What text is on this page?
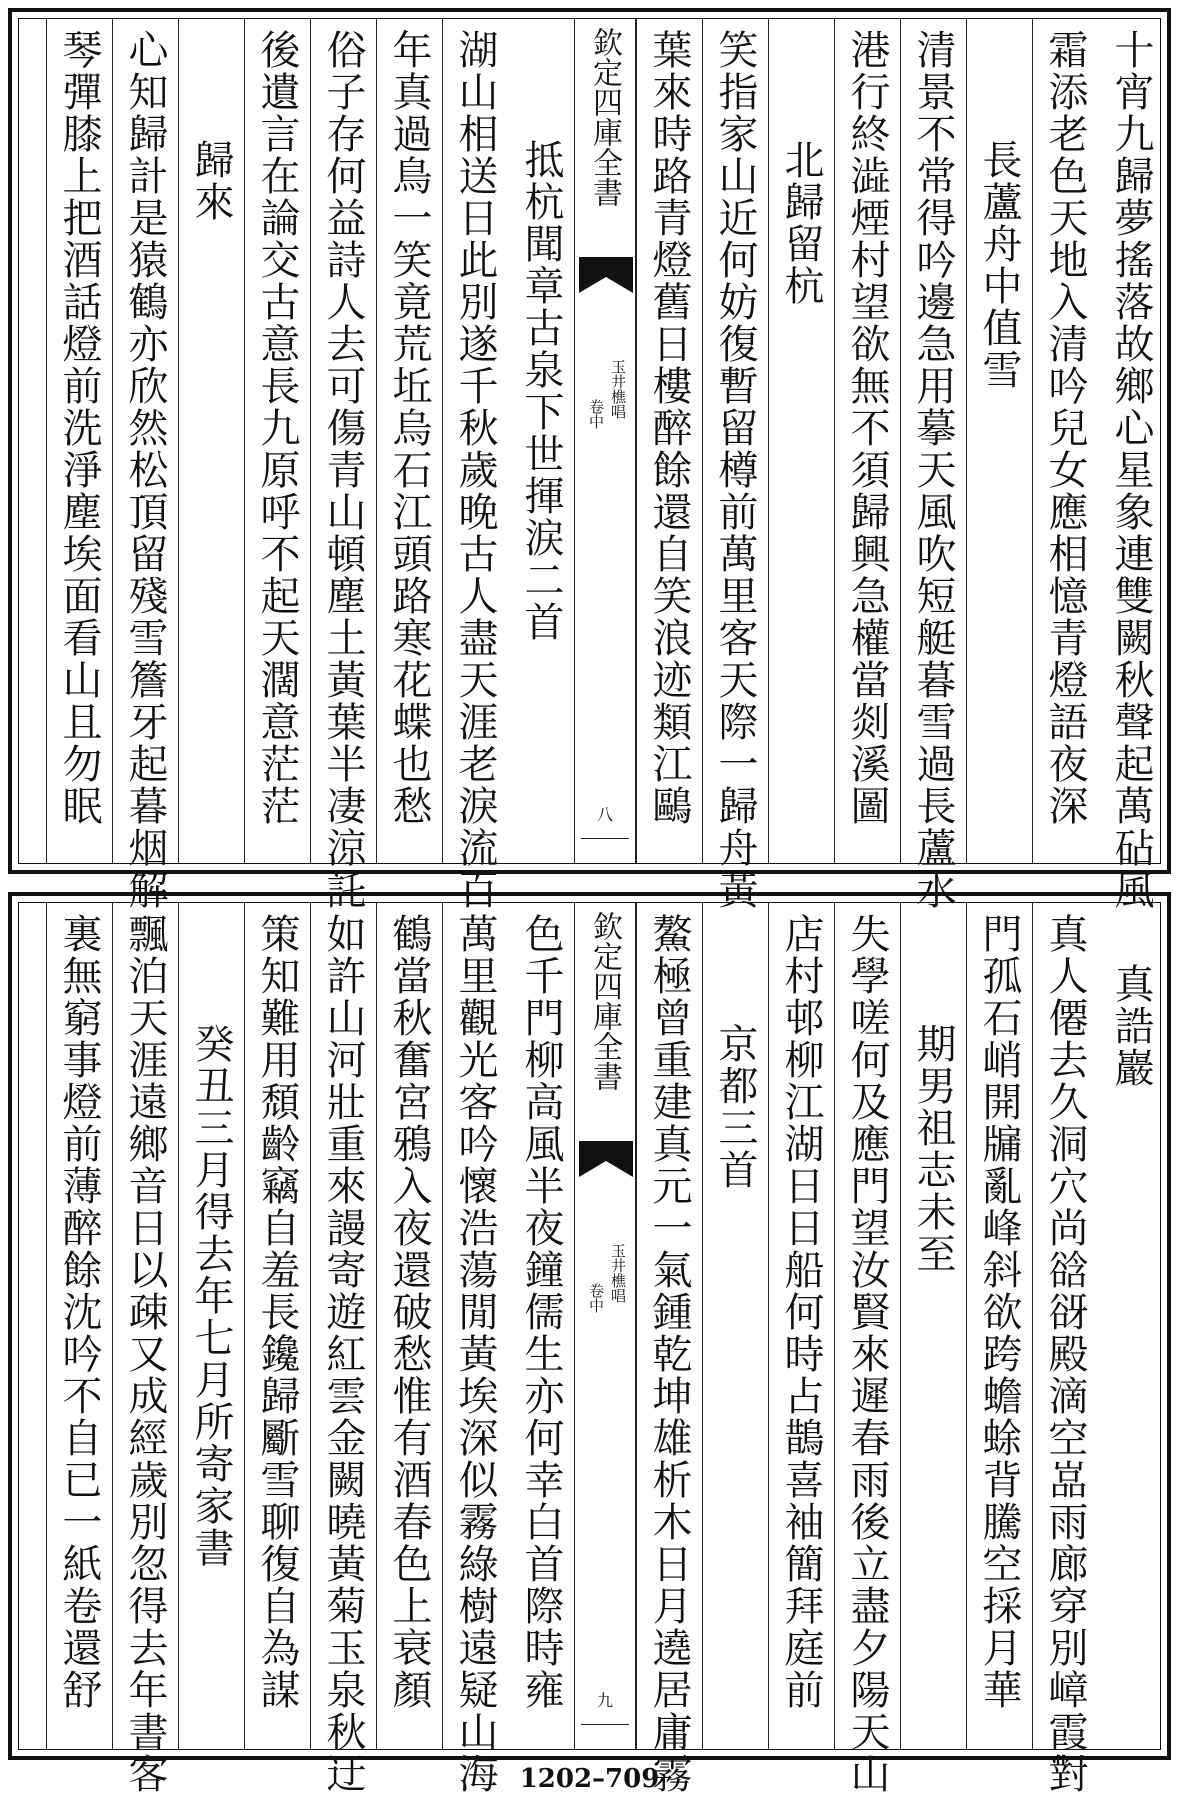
十宵九歸夢搖落故鄉心星象連雙闕秋聲起萬砧風
霜添老色天地入清吟兒女應相憶青燈語夜深
長蘆舟中值雪
清景不常得吟邊急用摹天風吹短艇暮雪過長蘆水
港行終澁煙村望欲無不須歸興急權當剡溪圖
北歸留杭
笑指家山近何妨復暫留樽前萬里客天際一歸舟黃
葉來時路青燈舊日樓醉餘還自笑浪迹類江鷗
欽定四庫全書
玉井樵唱
卷中
八
抵杭聞章古泉下世揮涙二首
湖山相送日此別遂千秋歲晚古人盡天涯老淚流百
年真過鳥一笑竟荒坵烏石江頭路寒花蝶也愁
俗子存何益詩人去可傷青山頓塵土黃葉半凄涼託
後遺言在論交古意長九原呼不起天濶意茫茫
歸來
心知歸計是猿鶴亦欣然松頂留殘雪簷牙起暮烟解
琴彈膝上把酒話燈前洗淨塵埃面看山且勿眠
真誥巖
真人僊去久洞穴尚谽谺殿滴空嵓雨廊穿別嶂霞對
門孤石峭開牖亂峰斜欲跨蟾蜍背騰空採月華
期男祖志未至
失學嗟何及應門望汝賢來遲春雨後立盡夕陽天山
店村邨柳江湖日日船何時占鵲喜袖簡拜庭前
京都三首
鰲極曾重建真元一氣鍾乾坤雄析木日月遶居庸霧
欽定四庫全書
玉井樵唱
卷中
九
色千門柳高風半夜鐘儒生亦何幸白首際時雍
萬里觀光客吟懷浩蕩閒黃埃深似霧綠樹遠疑山海
鶴當秋奮宮鴉入夜還破愁惟有酒春色上衰顏
如許山河壯重來謾寄遊紅雲金闕曉黃菊玉泉秋迂
策知難用頹齡竊自羞長鑱歸斸雪聊復自為謀
癸丑三月得去年七月所寄家書
飄泊天涯遠鄉音日以疎又成經歲別忽得去年書客
裏無窮事燈前薄醉餘沈吟不自已一紙卷還舒
1202–709
